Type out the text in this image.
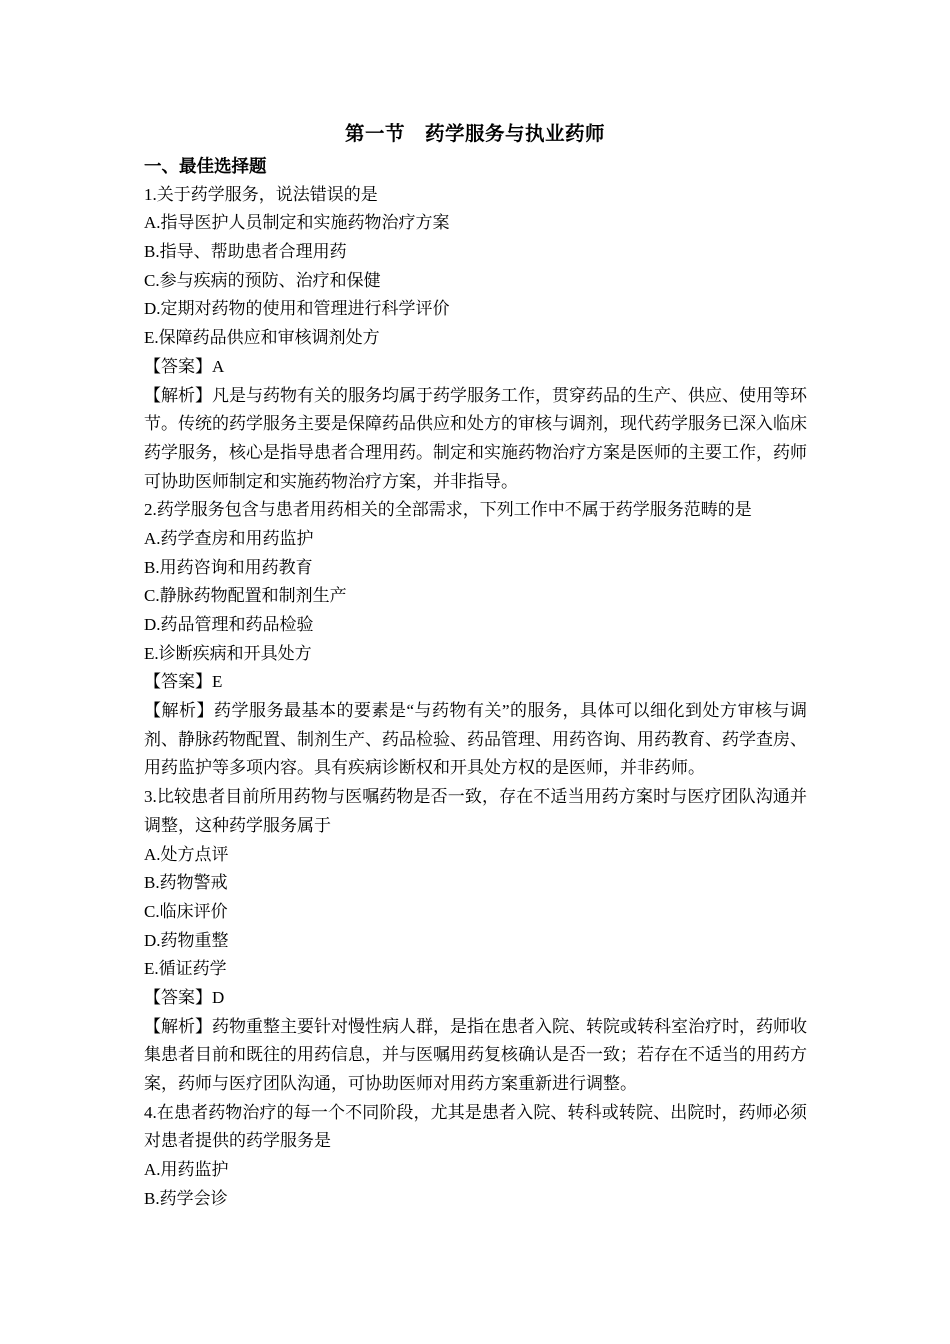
第一节　药学服务与执业药师
一、最佳选择题
1.关于药学服务，说法错误的是
A.指导医护人员制定和实施药物治疗方案
B.指导、帮助患者合理用药
C.参与疾病的预防、治疗和保健
D.定期对药物的使用和管理进行科学评价
E.保障药品供应和审核调剂处方
【答案】A
【解析】凡是与药物有关的服务均属于药学服务工作，贯穿药品的生产、供应、使用等环
节。传统的药学服务主要是保障药品供应和处方的审核与调剂，现代药学服务已深入临床
药学服务，核心是指导患者合理用药。制定和实施药物治疗方案是医师的主要工作，药师
可协助医师制定和实施药物治疗方案，并非指导。
2.药学服务包含与患者用药相关的全部需求，下列工作中不属于药学服务范畴的是
A.药学查房和用药监护
B.用药咨询和用药教育
C.静脉药物配置和制剂生产
D.药品管理和药品检验
E.诊断疾病和开具处方
【答案】E
【解析】药学服务最基本的要素是“与药物有关”的服务，具体可以细化到处方审核与调
剂、静脉药物配置、制剂生产、药品检验、药品管理、用药咨询、用药教育、药学查房、
用药监护等多项内容。具有疾病诊断权和开具处方权的是医师，并非药师。
3.比较患者目前所用药物与医嘱药物是否一致，存在不适当用药方案时与医疗团队沟通并
调整，这种药学服务属于
A.处方点评
B.药物警戒
C.临床评价
D.药物重整
E.循证药学
【答案】D
【解析】药物重整主要针对慢性病人群，是指在患者入院、转院或转科室治疗时，药师收
集患者目前和既往的用药信息，并与医嘱用药复核确认是否一致；若存在不适当的用药方
案，药师与医疗团队沟通，可协助医师对用药方案重新进行调整。
4.在患者药物治疗的每一个不同阶段，尤其是患者入院、转科或转院、出院时，药师必须
对患者提供的药学服务是
A.用药监护
B.药学会诊
